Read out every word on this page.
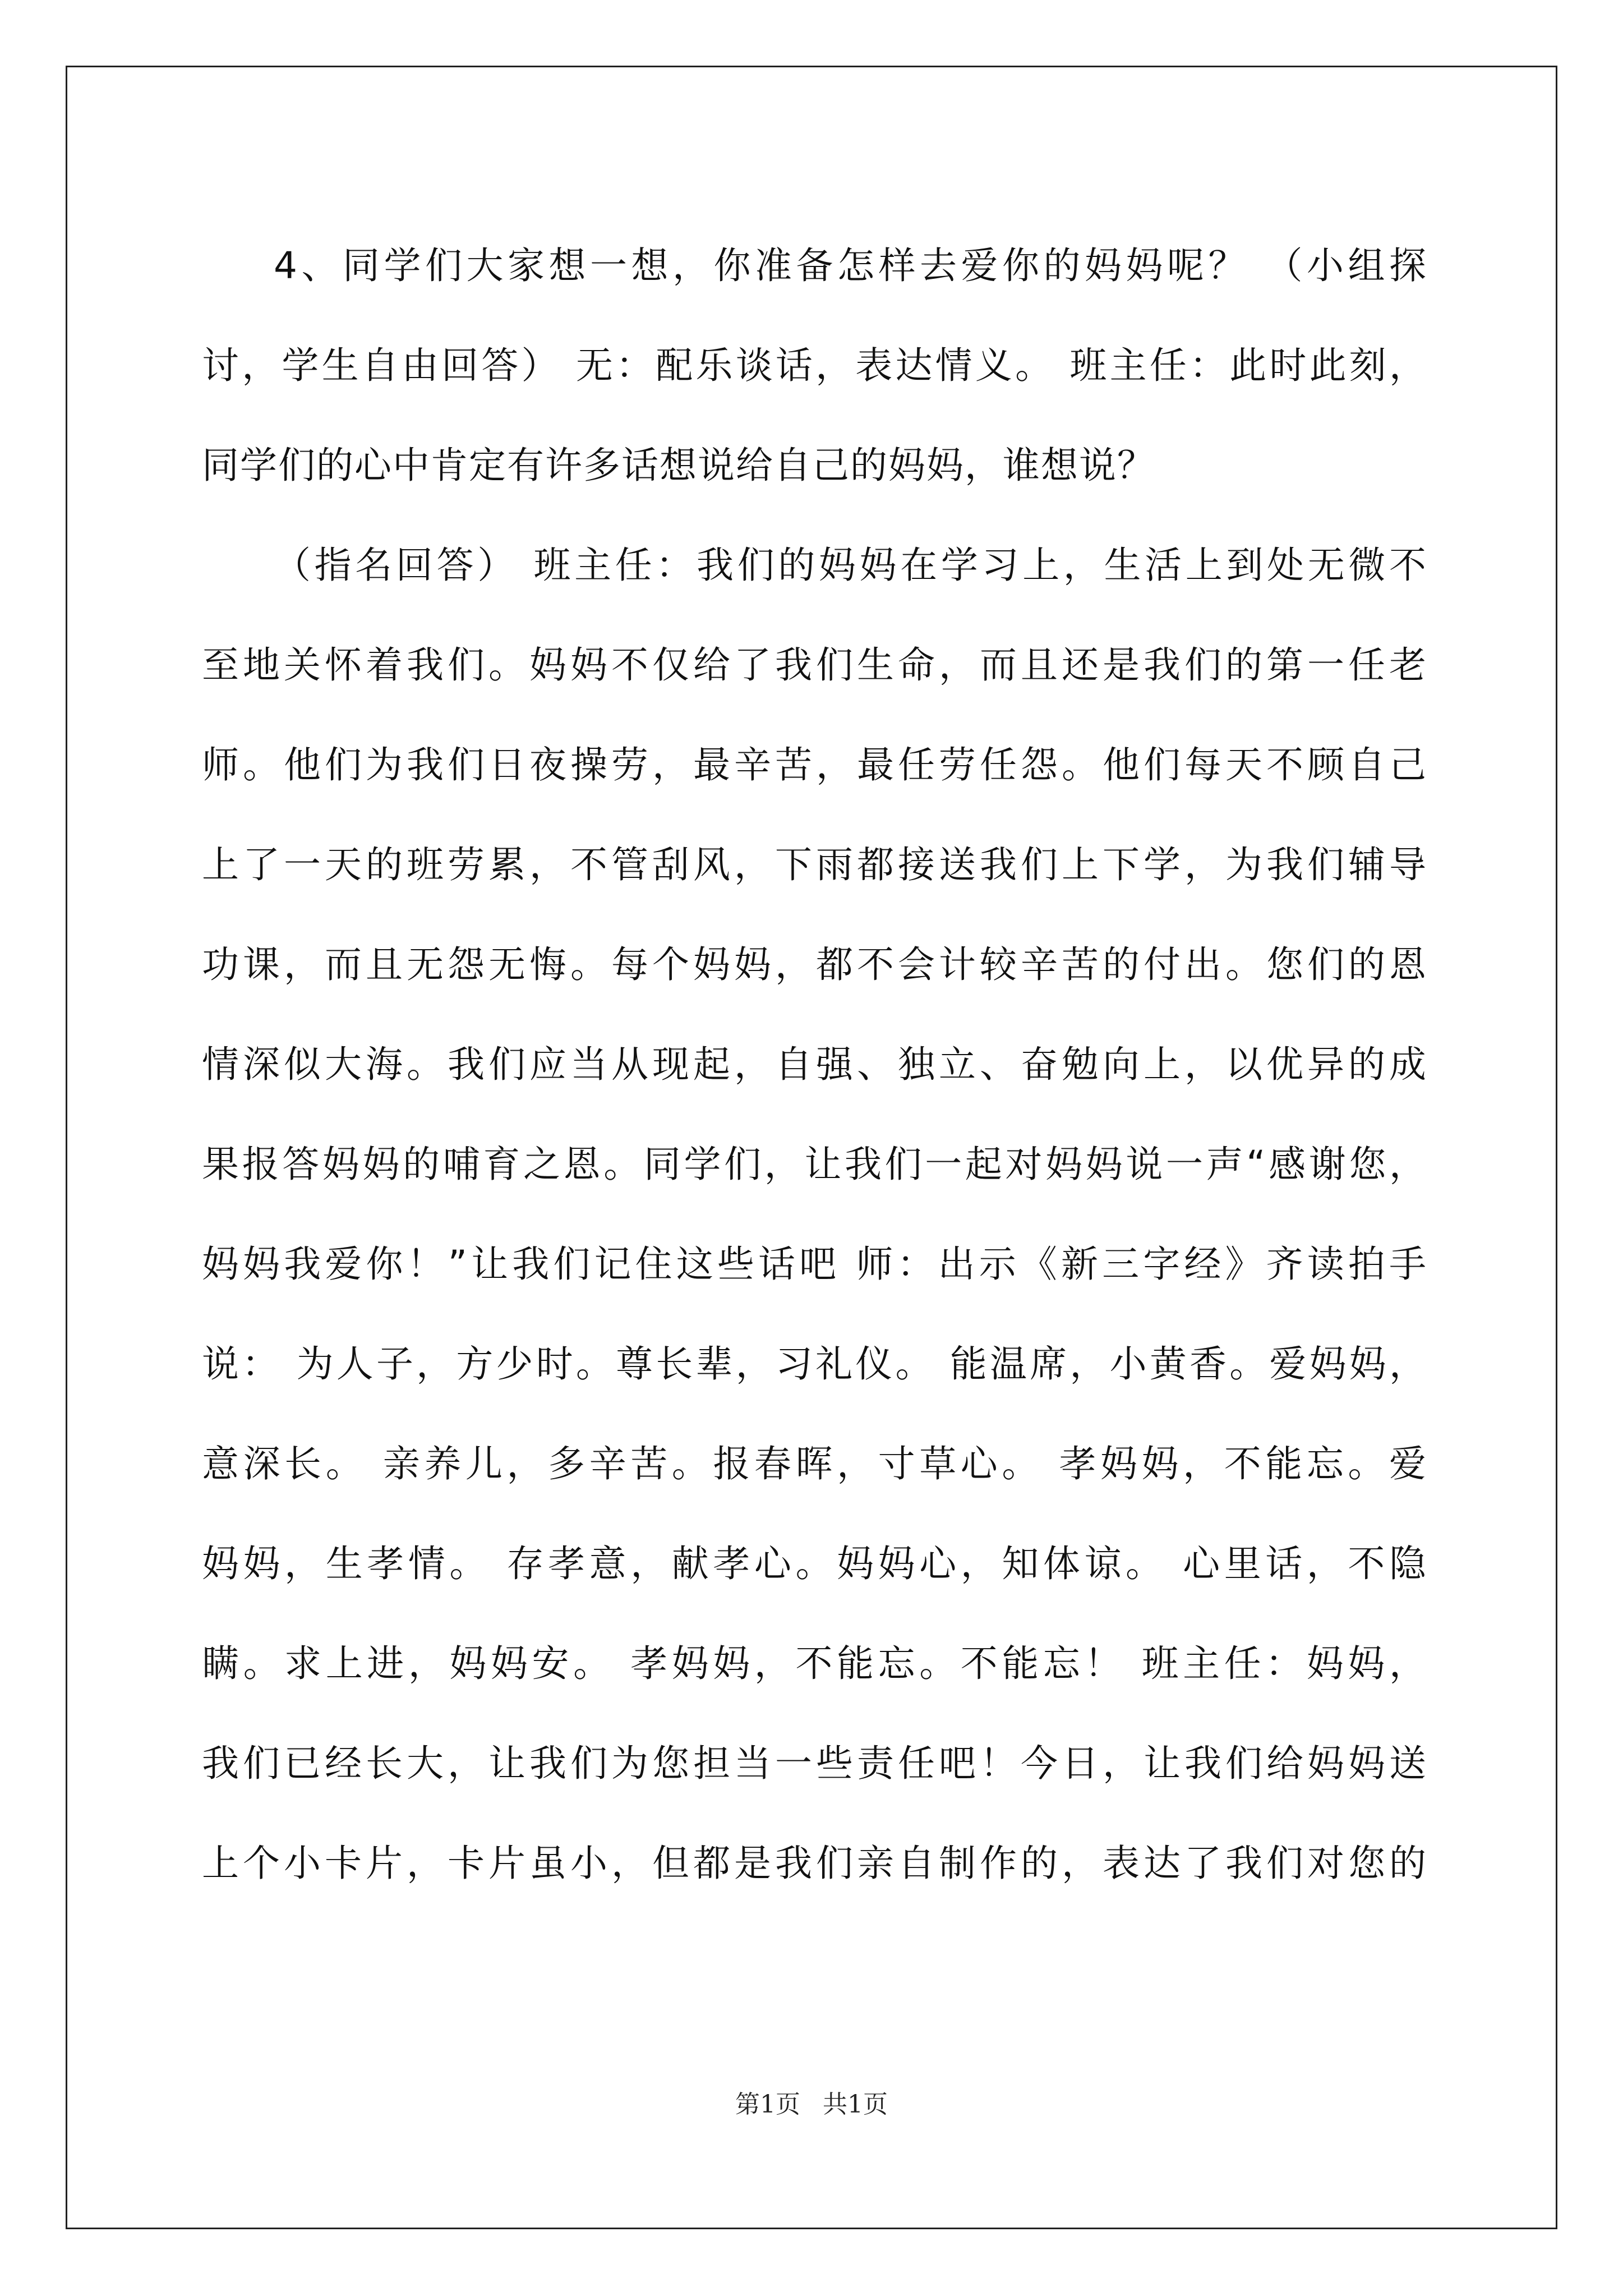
4、同学们大家想一想，你准备怎样去爱你的妈妈呢？ （小组探
讨，学生自由回答） 无：配乐谈话，表达情义。 班主任：此时此刻，
同学们的心中肯定有许多话想说给自己的妈妈，谁想说？
（指名回答） 班主任：我们的妈妈在学习上，生活上到处无微不
至地关怀着我们。妈妈不仅给了我们生命，而且还是我们的第一任老
师。他们为我们日夜操劳，最辛苦，最任劳任怨。他们每天不顾自己
上了一天的班劳累，不管刮风，下雨都接送我们上下学，为我们辅导
功课，而且无怨无悔。每个妈妈，都不会计较辛苦的付出。您们的恩
情深似大海。我们应当从现起，自强、独立、奋勉向上，以优异的成
果报答妈妈的哺育之恩。同学们，让我们一起对妈妈说一声“感谢您，
妈妈我爱你！”让我们记住这些话吧 师：出示《新三字经》齐读拍手
说： 为人子，方少时。尊长辈，习礼仪。 能温席，小黄香。爱妈妈，
意深长。 亲养儿，多辛苦。报春晖，寸草心。 孝妈妈，不能忘。爱
妈妈，生孝情。 存孝意，献孝心。妈妈心，知体谅。 心里话，不隐
瞒。求上进，妈妈安。 孝妈妈，不能忘。不能忘！ 班主任：妈妈，
我们已经长大，让我们为您担当一些责任吧！今日，让我们给妈妈送
上个小卡片，卡片虽小，但都是我们亲自制作的，表达了我们对您的
第1页 共1页
